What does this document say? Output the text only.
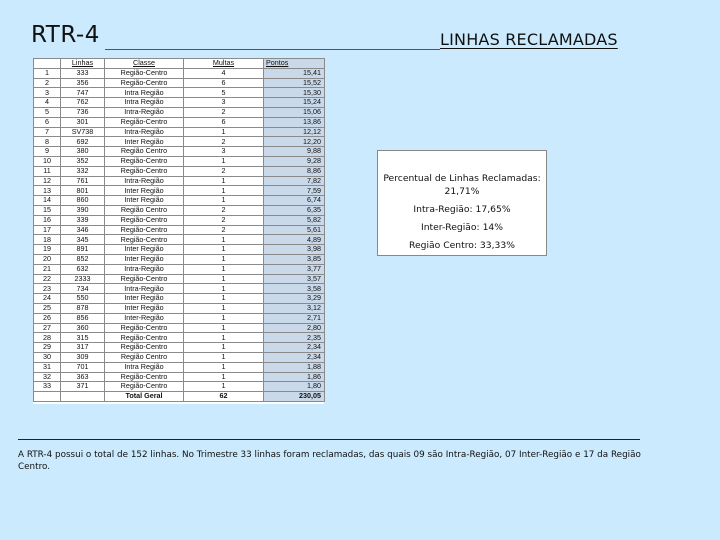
RTR-4	LINHAS RECLAMADAS
	Linhas	Classe	Multas	Pontos
1	333	Região-Centro	4	15,41
2	356	Região-Centro	6	15,52
3	747	Intra Região	5	15,30
4	762	Intra Região	3	15,24
5	736	Intra-Região	2	15,06
6	301	Região-Centro	6	13,86
7	SV738	Intra-Região	1	12,12
8	692	Inter Região	2	12,20
9	380	Região Centro	3	9,88
10	352	Região-Centro	1	9,28
11	332	Região-Centro	2	8,86
12	761	Intra-Região	1	7,82
13	801	Inter Região	1	7,59
14	860	Inter Região	1	6,74
15	390	Região Centro	2	6,35
16	339	Região-Centro	2	5,82
17	346	Região-Centro	2	5,61
18	345	Região-Centro	1	4,89
19	891	Inter Região	1	3,98
20	852	Inter Região	1	3,85
21	632	Intra-Região	1	3,77
22	2333	Região-Centro	1	3,57
23	734	Intra-Região	1	3,58
24	550	Inter Região	1	3,29
25	878	Inter Região	1	3,12
26	856	Inter-Região	1	2,71
27	360	Região-Centro	1	2,80
28	315	Região-Centro	1	2,35
29	317	Região-Centro	1	2,34
30	309	Região Centro	1	2,34
31	701	Intra Região	1	1,88
32	363	Região-Centro	1	1,86
33	371	Região-Centro	1	1,80
		Total Geral	62	230,05
Percentual de Linhas Reclamadas:
21,71%
Intra-Região: 17,65%
Inter-Região: 14%
Região Centro: 33,33%
A RTR-4 possui o total de 152 linhas. No Trimestre 33 linhas foram reclamadas, das quais 09 são Intra-Região, 07 Inter-Região e 17 da Região Centro.
